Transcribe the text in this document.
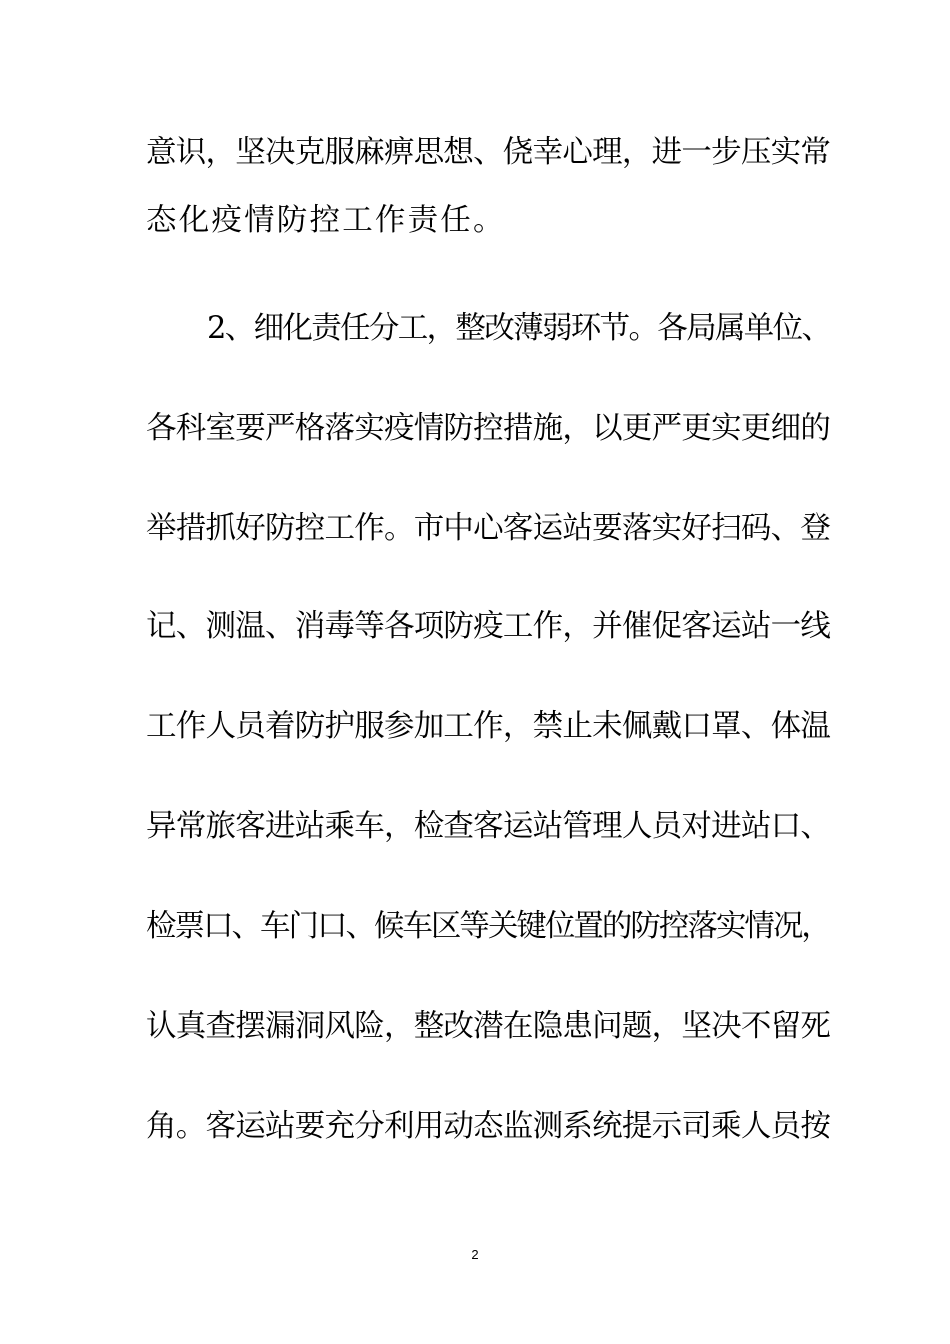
意识，坚决克服麻痹思想、侥幸心理，进一步压实常
态化疫情防控工作责任。
2、细化责任分工，整改薄弱环节。各局属单位、
各科室要严格落实疫情防控措施，以更严更实更细的
举措抓好防控工作。市中心客运站要落实好扫码、登
记、测温、消毒等各项防疫工作，并催促客运站一线
工作人员着防护服参加工作，禁止未佩戴口罩、体温
异常旅客进站乘车，检查客运站管理人员对进站口、
检票口、车门口、候车区等关键位置的防控落实情况，
认真查摆漏洞风险，整改潜在隐患问题，坚决不留死
角。客运站要充分利用动态监测系统提示司乘人员按
2
